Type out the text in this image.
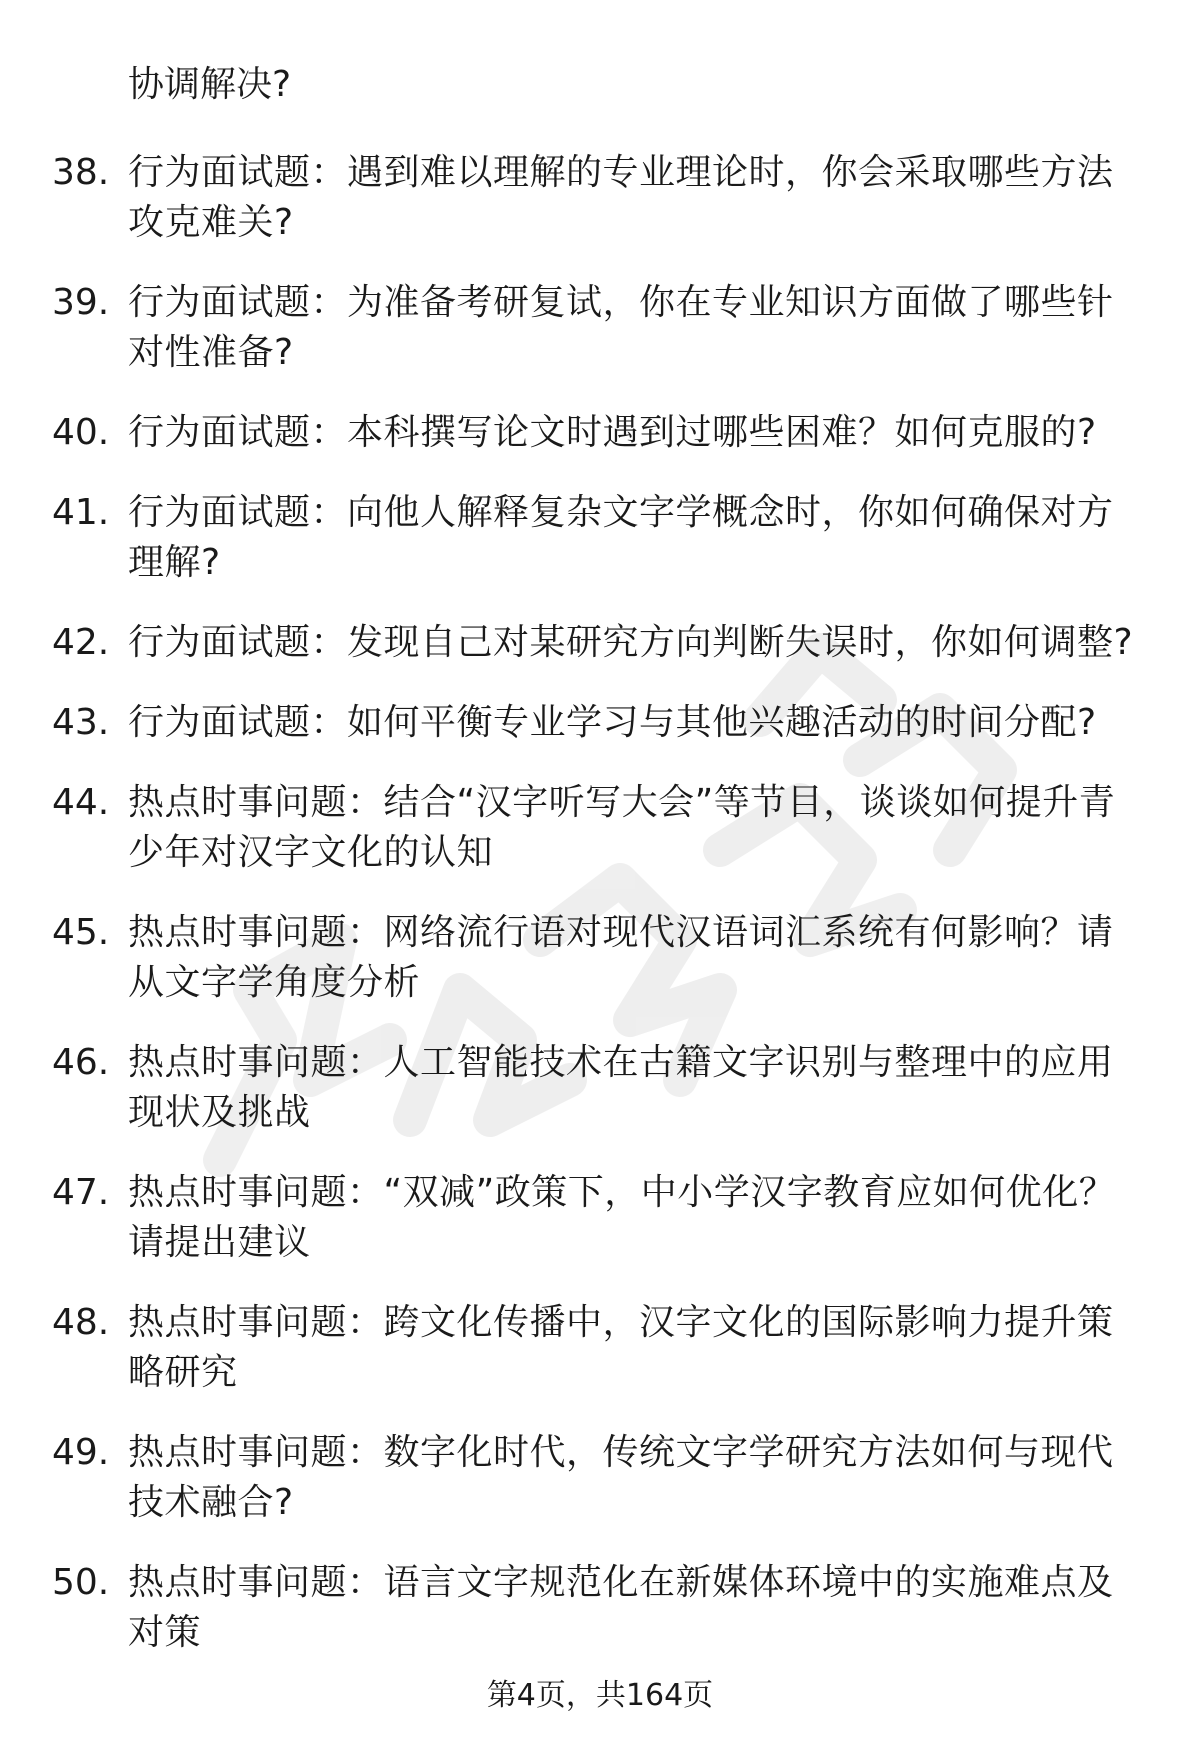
协调解决?
38. 行为面试题：遇到难以理解的专业理论时，你会采取哪些方法攻克难关?
39. 行为面试题：为准备考研复试，你在专业知识方面做了哪些针对性准备?
40. 行为面试题：本科撰写论文时遇到过哪些困难？如何克服的?
41. 行为面试题：向他人解释复杂文字学概念时，你如何确保对方理解?
42. 行为面试题：发现自己对某研究方向判断失误时，你如何调整?
43. 行为面试题：如何平衡专业学习与其他兴趣活动的时间分配?
44. 热点时事问题：结合“汉字听写大会”等节目，谈谈如何提升青少年对汉字文化的认知
45. 热点时事问题：网络流行语对现代汉语词汇系统有何影响？请从文字学角度分析
46. 热点时事问题：人工智能技术在古籍文字识别与整理中的应用现状及挑战
47. 热点时事问题：“双减”政策下，中小学汉字教育应如何优化？请提出建议
48. 热点时事问题：跨文化传播中，汉字文化的国际影响力提升策略研究
49. 热点时事问题：数字化时代，传统文字学研究方法如何与现代技术融合?
50. 热点时事问题：语言文字规范化在新媒体环境中的实施难点及对策
第4页，共164页
